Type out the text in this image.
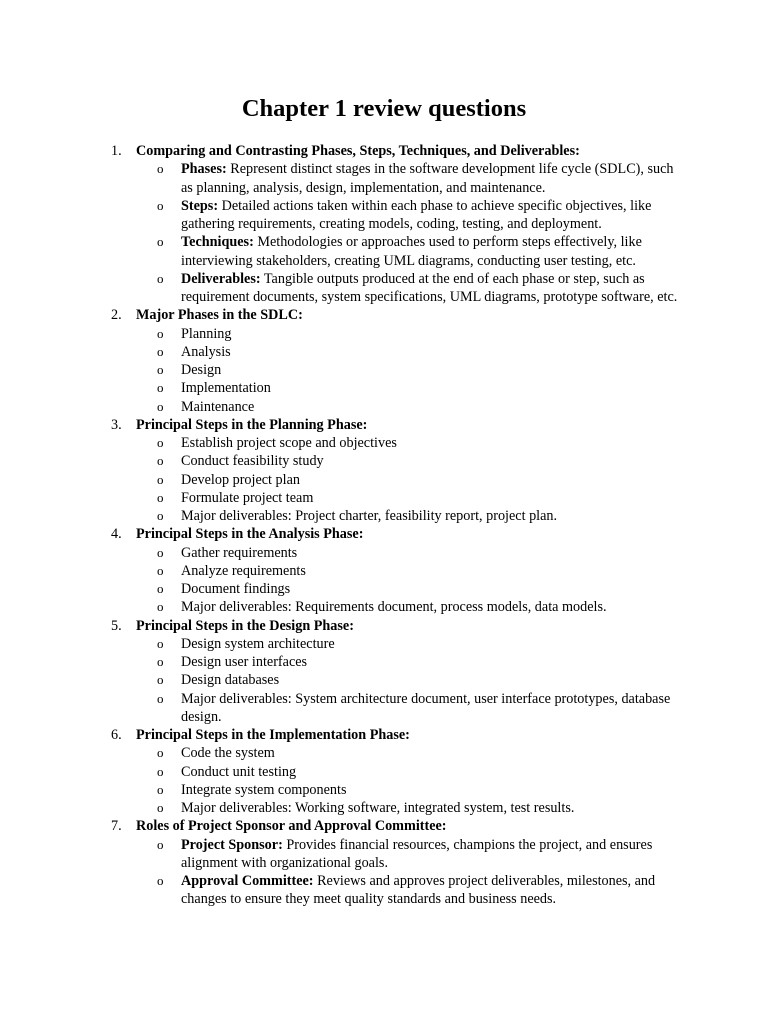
Chapter 1 review questions
1. Comparing and Contrasting Phases, Steps, Techniques, and Deliverables:
o Phases: Represent distinct stages in the software development life cycle (SDLC), such as planning, analysis, design, implementation, and maintenance.
o Steps: Detailed actions taken within each phase to achieve specific objectives, like gathering requirements, creating models, coding, testing, and deployment.
o Techniques: Methodologies or approaches used to perform steps effectively, like interviewing stakeholders, creating UML diagrams, conducting user testing, etc.
o Deliverables: Tangible outputs produced at the end of each phase or step, such as requirement documents, system specifications, UML diagrams, prototype software, etc.
2. Major Phases in the SDLC:
o Planning
o Analysis
o Design
o Implementation
o Maintenance
3. Principal Steps in the Planning Phase:
o Establish project scope and objectives
o Conduct feasibility study
o Develop project plan
o Formulate project team
o Major deliverables: Project charter, feasibility report, project plan.
4. Principal Steps in the Analysis Phase:
o Gather requirements
o Analyze requirements
o Document findings
o Major deliverables: Requirements document, process models, data models.
5. Principal Steps in the Design Phase:
o Design system architecture
o Design user interfaces
o Design databases
o Major deliverables: System architecture document, user interface prototypes, database design.
6. Principal Steps in the Implementation Phase:
o Code the system
o Conduct unit testing
o Integrate system components
o Major deliverables: Working software, integrated system, test results.
7. Roles of Project Sponsor and Approval Committee:
o Project Sponsor: Provides financial resources, champions the project, and ensures alignment with organizational goals.
o Approval Committee: Reviews and approves project deliverables, milestones, and changes to ensure they meet quality standards and business needs.
